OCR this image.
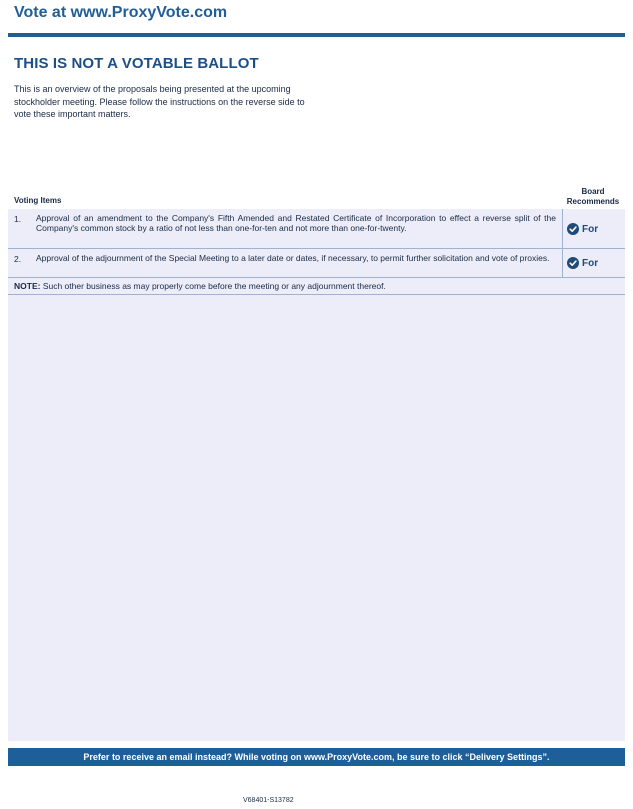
Vote at www.ProxyVote.com
THIS IS NOT A VOTABLE BALLOT
This is an overview of the proposals being presented at the upcoming stockholder meeting. Please follow the instructions on the reverse side to vote these important matters.
Voting Items
Board
Recommends
1. Approval of an amendment to the Company's Fifth Amended and Restated Certificate of Incorporation to effect a reverse split of the Company's common stock by a ratio of not less than one-for-ten and not more than one-for-twenty.	For
2. Approval of the adjournment of the Special Meeting to a later date or dates, if necessary, to permit further solicitation and vote of proxies.	For
NOTE: Such other business as may properly come before the meeting or any adjournment thereof.
Prefer to receive an email instead? While voting on www.ProxyVote.com, be sure to click “Delivery Settings”.
V68401-S13782
